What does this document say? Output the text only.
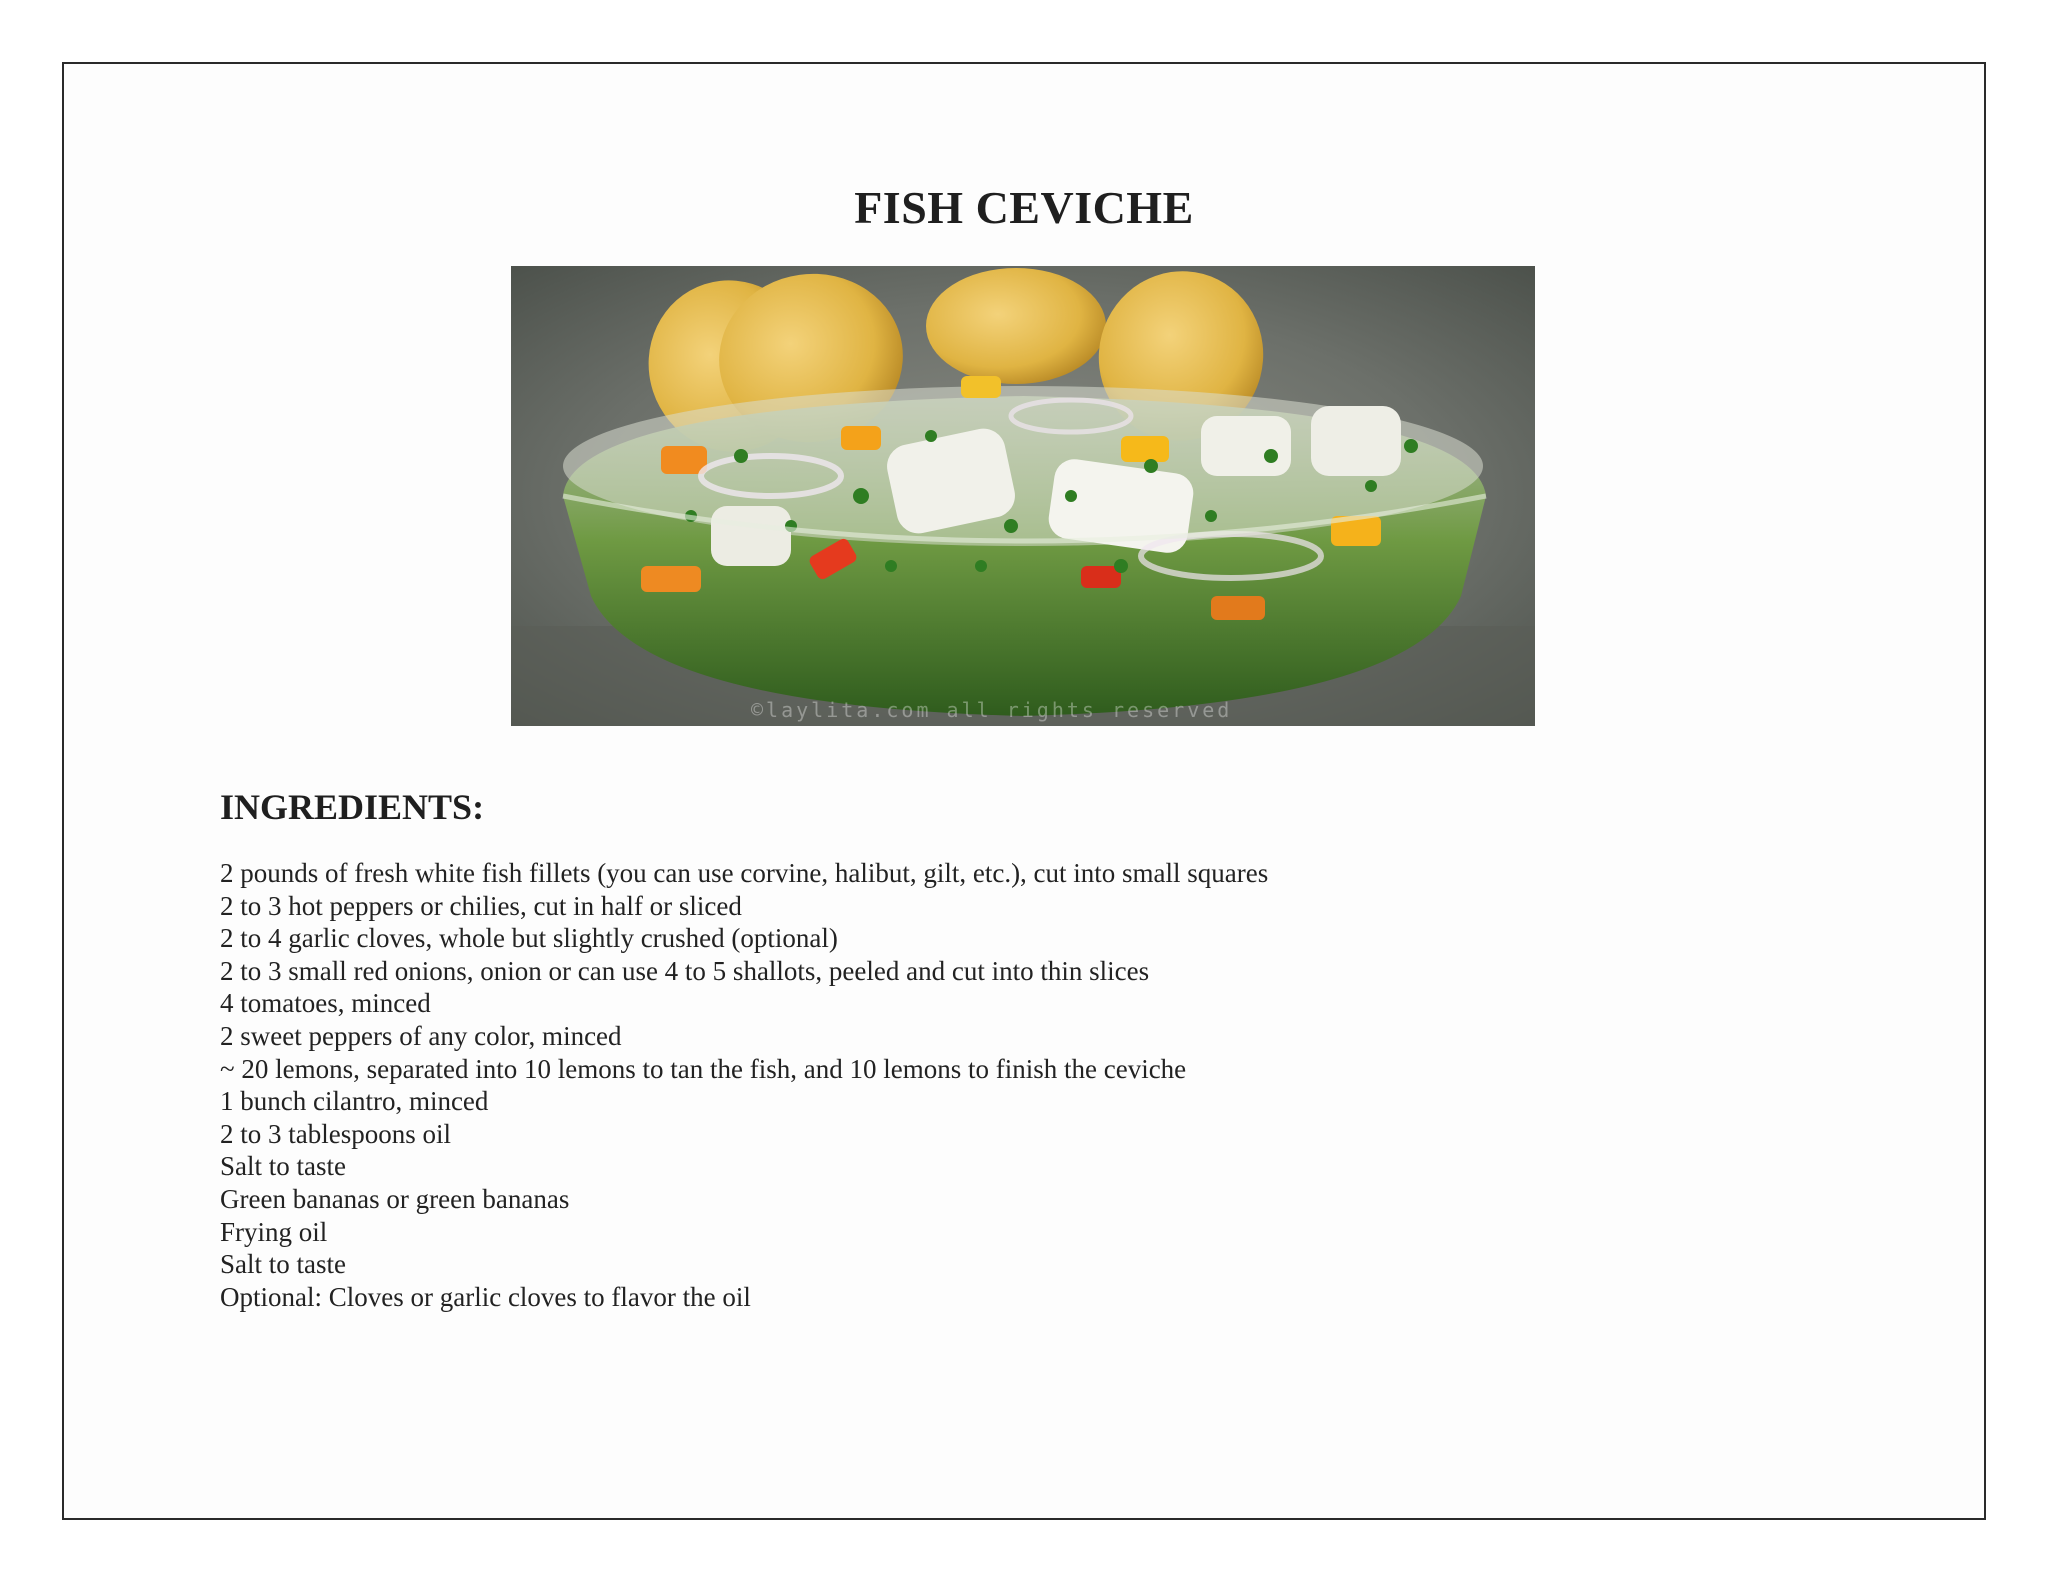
FISH CEVICHE
©laylita.com all rights reserved
INGREDIENTS:
2 pounds of fresh white fish fillets (you can use corvine, halibut, gilt, etc.), cut into small squares
2 to 3 hot peppers or chilies, cut in half or sliced
2 to 4 garlic cloves, whole but slightly crushed (optional)
2 to 3 small red onions, onion or can use 4 to 5 shallots, peeled and cut into thin slices
4 tomatoes, minced
2 sweet peppers of any color, minced
~ 20 lemons, separated into 10 lemons to tan the fish, and 10 lemons to finish the ceviche
1 bunch cilantro, minced
2 to 3 tablespoons oil
Salt to taste
Green bananas or green bananas
Frying oil
Salt to taste
Optional: Cloves or garlic cloves to flavor the oil
